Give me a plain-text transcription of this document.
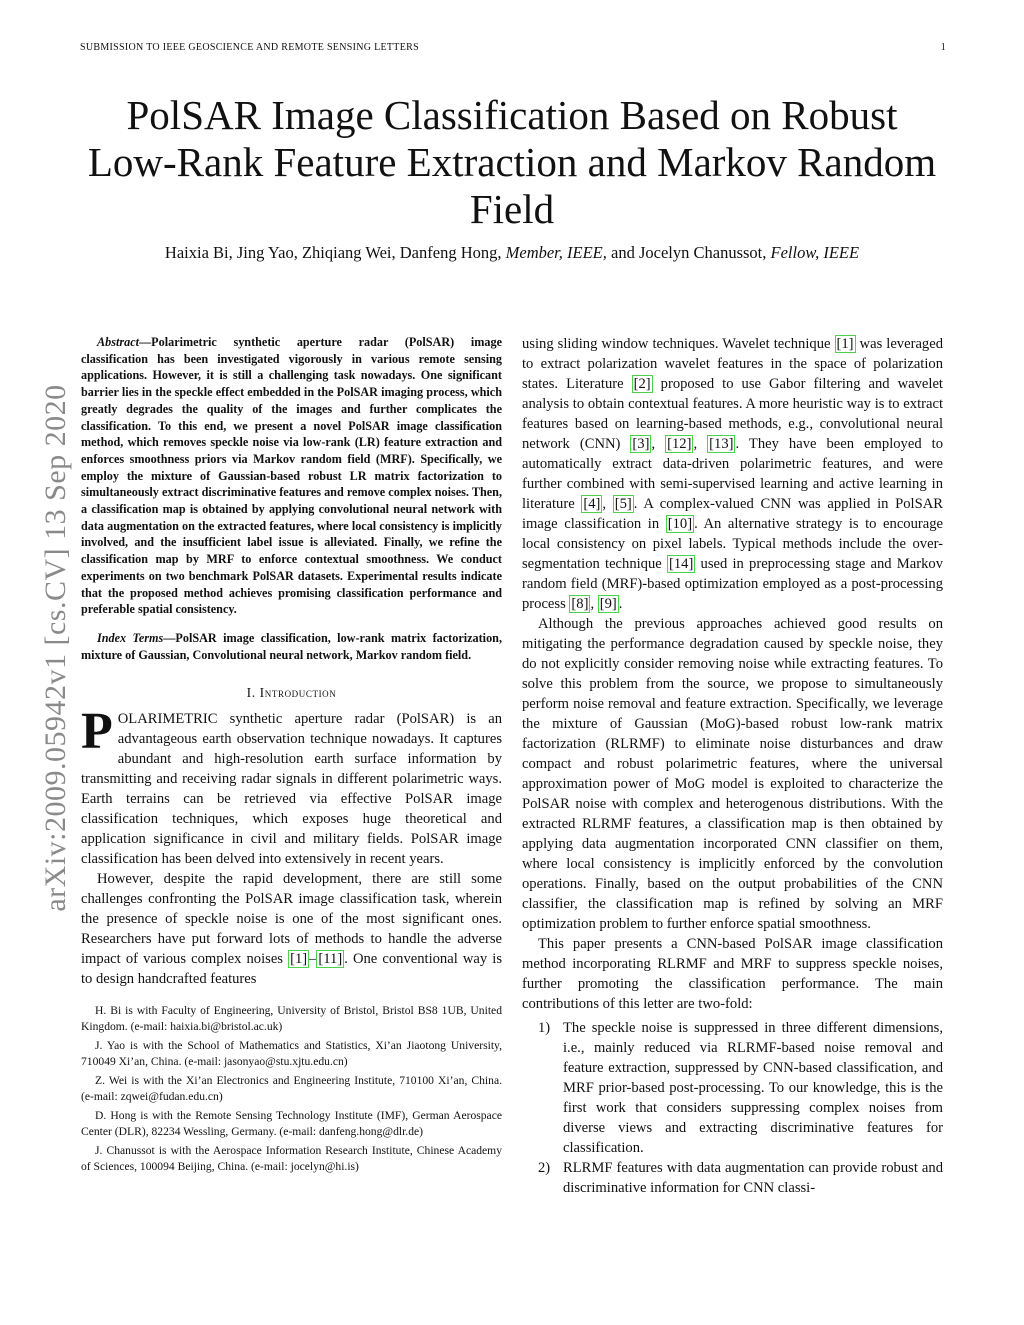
SUBMISSION TO IEEE GEOSCIENCE AND REMOTE SENSING LETTERS	1
PolSAR Image Classification Based on Robust
Low-Rank Feature Extraction and Markov Random
Field
Haixia Bi, Jing Yao, Zhiqiang Wei, Danfeng Hong, Member, IEEE, and Jocelyn Chanussot, Fellow, IEEE
arXiv:2009.05942v1 [cs.CV] 13 Sep 2020

Abstract—Polarimetric synthetic aperture radar (PolSAR) image classification has been investigated vigorously in various remote sensing applications. However, it is still a challenging task nowadays. One significant barrier lies in the speckle effect embedded in the PolSAR imaging process, which greatly degrades the quality of the images and further complicates the classification. To this end, we present a novel PolSAR image classification method, which removes speckle noise via low-rank (LR) feature extraction and enforces smoothness priors via Markov random field (MRF). Specifically, we employ the mixture of Gaussian-based robust LR matrix factorization to simultaneously extract discriminative features and remove complex noises. Then, a classification map is obtained by applying convolutional neural network with data augmentation on the extracted features, where local consistency is implicitly involved, and the insufficient label issue is alleviated. Finally, we refine the classification map by MRF to enforce contextual smoothness. We conduct experiments on two benchmark PolSAR datasets. Experimental results indicate that the proposed method achieves promising classification performance and preferable spatial consistency.

Index Terms—PolSAR image classification, low-rank matrix factorization, mixture of Gaussian, Convolutional neural network, Markov random field.

I. Introduction

POLARIMETRIC synthetic aperture radar (PolSAR) is an advantageous earth observation technique nowadays. It captures abundant and high-resolution earth surface information by transmitting and receiving radar signals in different polarimetric ways. Earth terrains can be retrieved via effective PolSAR image classification techniques, which exposes huge theoretical and application significance in civil and military fields. PolSAR image classification has been delved into extensively in recent years.

However, despite the rapid development, there are still some challenges confronting the PolSAR image classification task, wherein the presence of speckle noise is one of the most significant ones. Researchers have put forward lots of methods to handle the adverse impact of various complex noises [1] – [11] . One conventional way is to design handcrafted features

H. Bi is with Faculty of Engineering, University of Bristol, Bristol BS8 1UB, United Kingdom. (e-mail: haixia.bi@bristol.ac.uk)

J. Yao is with the School of Mathematics and Statistics, Xi’an Jiaotong University, 710049 Xi’an, China. (e-mail: jasonyao@stu.xjtu.edu.cn)

Z. Wei is with the Xi’an Electronics and Engineering Institute, 710100 Xi’an, China. (e-mail: zqwei@fudan.edu.cn)

D. Hong is with the Remote Sensing Technology Institute (IMF), German Aerospace Center (DLR), 82234 Wessling, Germany. (e-mail: danfeng.hong@dlr.de)

J. Chanussot is with the Aerospace Information Research Institute, Chinese Academy of Sciences, 100094 Beijing, China. (e-mail: jocelyn@hi.is)

using sliding window techniques. Wavelet technique [1] was leveraged to extract polarization wavelet features in the space of polarization states. Literature [2] proposed to use Gabor filtering and wavelet analysis to obtain contextual features. A more heuristic way is to extract features based on learning-based methods, e.g., convolutional neural network (CNN) [3] , [12] , [13] . They have been employed to automatically extract data-driven polarimetric features, and were further combined with semi-supervised learning and active learning in literature [4] , [5] . A complex-valued CNN was applied in PolSAR image classification in [10] . An alternative strategy is to encourage local consistency on pixel labels. Typical methods include the over-segmentation technique [14] used in preprocessing stage and Markov random field (MRF)-based optimization employed as a post-processing process [8] , [9] .

Although the previous approaches achieved good results on mitigating the performance degradation caused by speckle noise, they do not explicitly consider removing noise while extracting features. To solve this problem from the source, we propose to simultaneously perform noise removal and feature extraction. Specifically, we leverage the mixture of Gaussian (MoG)-based robust low-rank matrix factorization (RLRMF) to eliminate noise disturbances and draw compact and robust polarimetric features, where the universal approximation power of MoG model is exploited to characterize the PolSAR noise with complex and heterogenous distributions. With the extracted RLRMF features, a classification map is then obtained by applying data augmentation incorporated CNN classifier on them, where local consistency is implicitly enforced by the convolution operations. Finally, based on the output probabilities of the CNN classifier, the classification map is refined by solving an MRF optimization problem to further enforce spatial smoothness.

This paper presents a CNN-based PolSAR image classification method incorporating RLRMF and MRF to suppress speckle noises, further promoting the classification performance. The main contributions of this letter are two-fold:

1) The speckle noise is suppressed in three different dimensions, i.e., mainly reduced via RLRMF-based noise removal and feature extraction, suppressed by CNN-based classification, and MRF prior-based post-processing. To our knowledge, this is the first work that considers suppressing complex noises from diverse views and extracting discriminative features for classification.
2) RLRMF features with data augmentation can provide robust and discriminative information for CNN classi-
